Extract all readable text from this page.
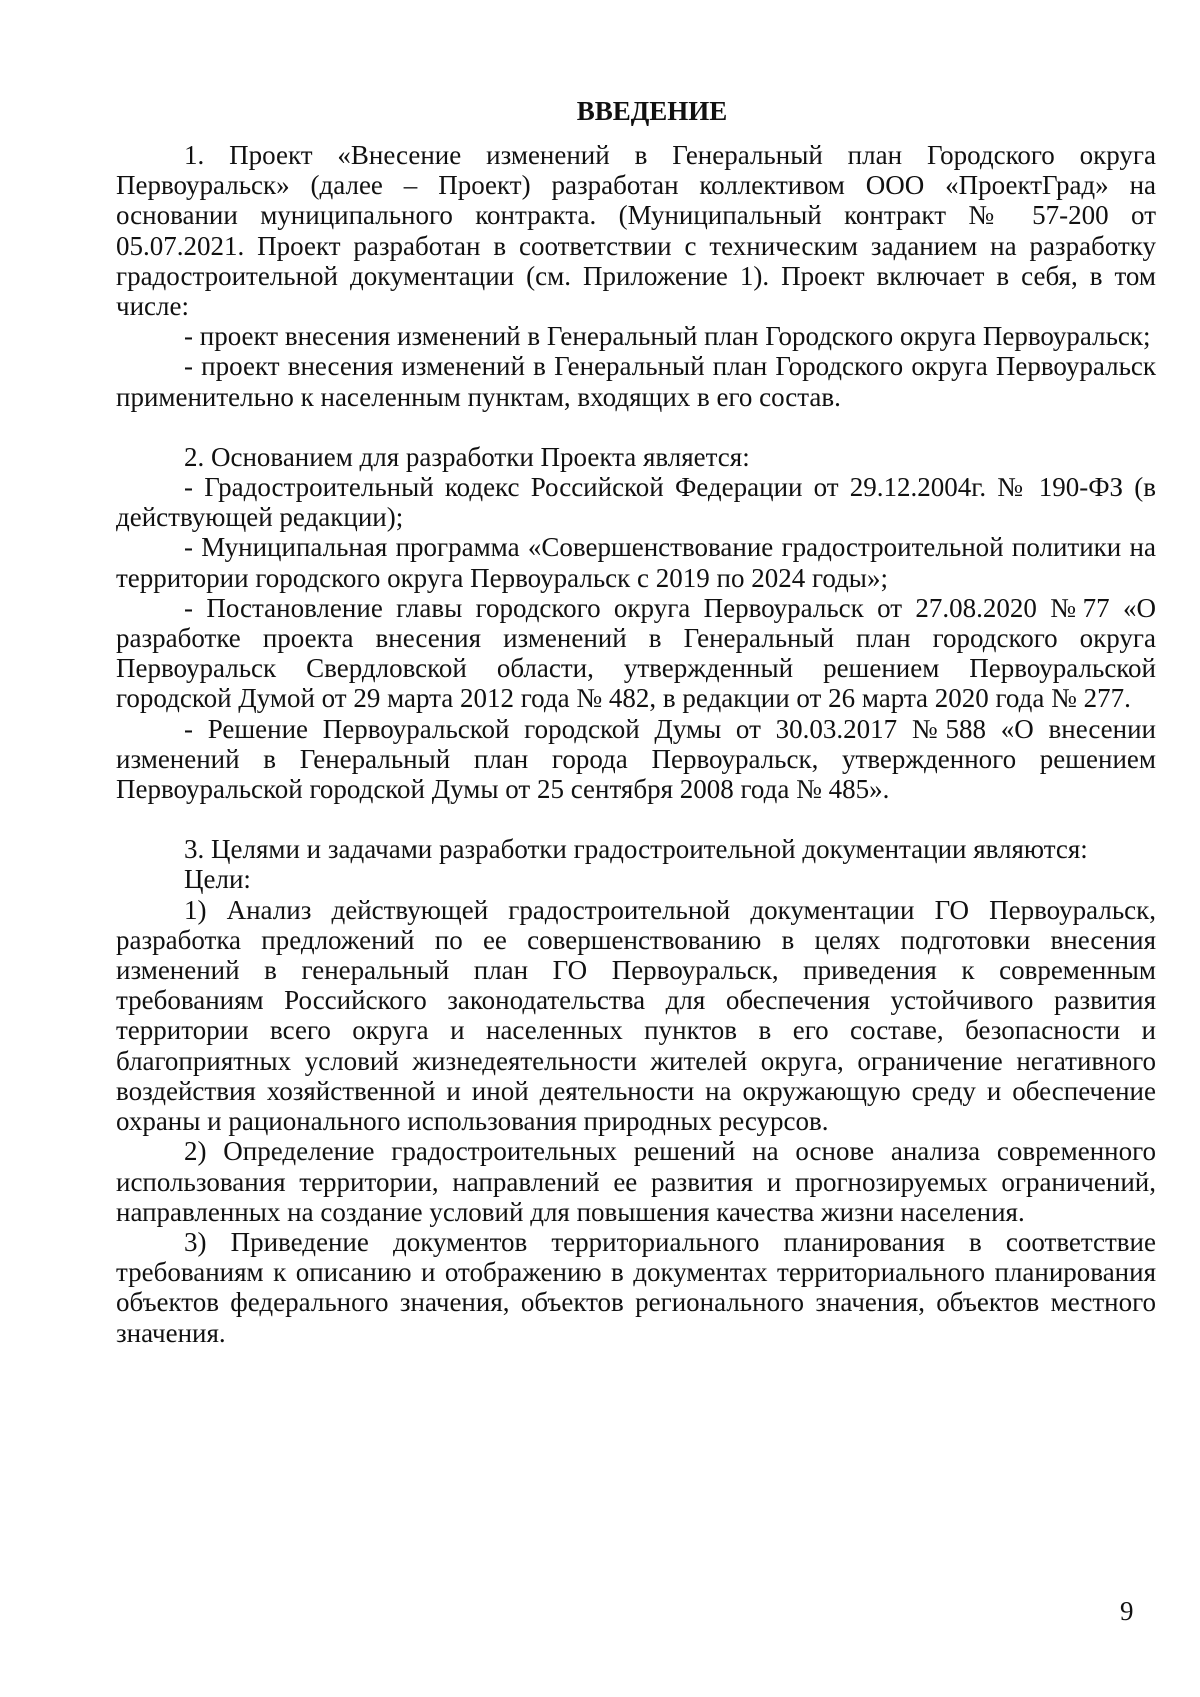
ВВЕДЕНИЕ

1. Проект «Внесение изменений в Генеральный план Городского округа Первоуральск» (далее – Проект) разработан коллективом ООО «ПроектГрад» на основании муниципального контракта. (Муниципальный контракт № 57-200 от 05.07.2021. Проект разработан в соответствии с техническим заданием на разработку градостроительной документации (см. Приложение 1). Проект включает в себя, в том числе:

- проект внесения изменений в Генеральный план Городского округа Первоуральск;

- проект внесения изменений в Генеральный план Городского округа Первоуральск применительно к населенным пунктам, входящих в его состав.

2. Основанием для разработки Проекта является:

- Градостроительный кодекс Российской Федерации от 29.12.2004г. № 190-ФЗ (в действующей редакции);

- Муниципальная программа «Совершенствование градостроительной политики на территории городского округа Первоуральск с 2019 по 2024 годы»;

- Постановление главы городского округа Первоуральск от 27.08.2020 №77 «О разработке проекта внесения изменений в Генеральный план городского округа Первоуральск Свердловской области, утвержденный решением Первоуральской городской Думой от 29 марта 2012 года № 482, в редакции от 26 марта 2020 года № 277.

- Решение Первоуральской городской Думы от 30.03.2017 №588 «О внесении изменений в Генеральный план города Первоуральск, утвержденного решением Первоуральской городской Думы от 25 сентября 2008 года № 485».

3. Целями и задачами разработки градостроительной документации являются:

Цели:

1) Анализ действующей градостроительной документации ГО Первоуральск, разработка предложений по ее совершенствованию в целях подготовки внесения изменений в генеральный план ГО Первоуральск, приведения к современным требованиям Российского законодательства для обеспечения устойчивого развития территории всего округа и населенных пунктов в его составе, безопасности и благоприятных условий жизнедеятельности жителей округа, ограничение негативного воздействия хозяйственной и иной деятельности на окружающую среду и обеспечение охраны и рационального использования природных ресурсов.

2) Определение градостроительных решений на основе анализа современного использования территории, направлений ее развития и прогнозируемых ограничений, направленных на создание условий для повышения качества жизни населения.

3) Приведение документов территориального планирования в соответствие требованиям к описанию и отображению в документах территориального планирования объектов федерального значения, объектов регионального значения, объектов местного значения.

9
